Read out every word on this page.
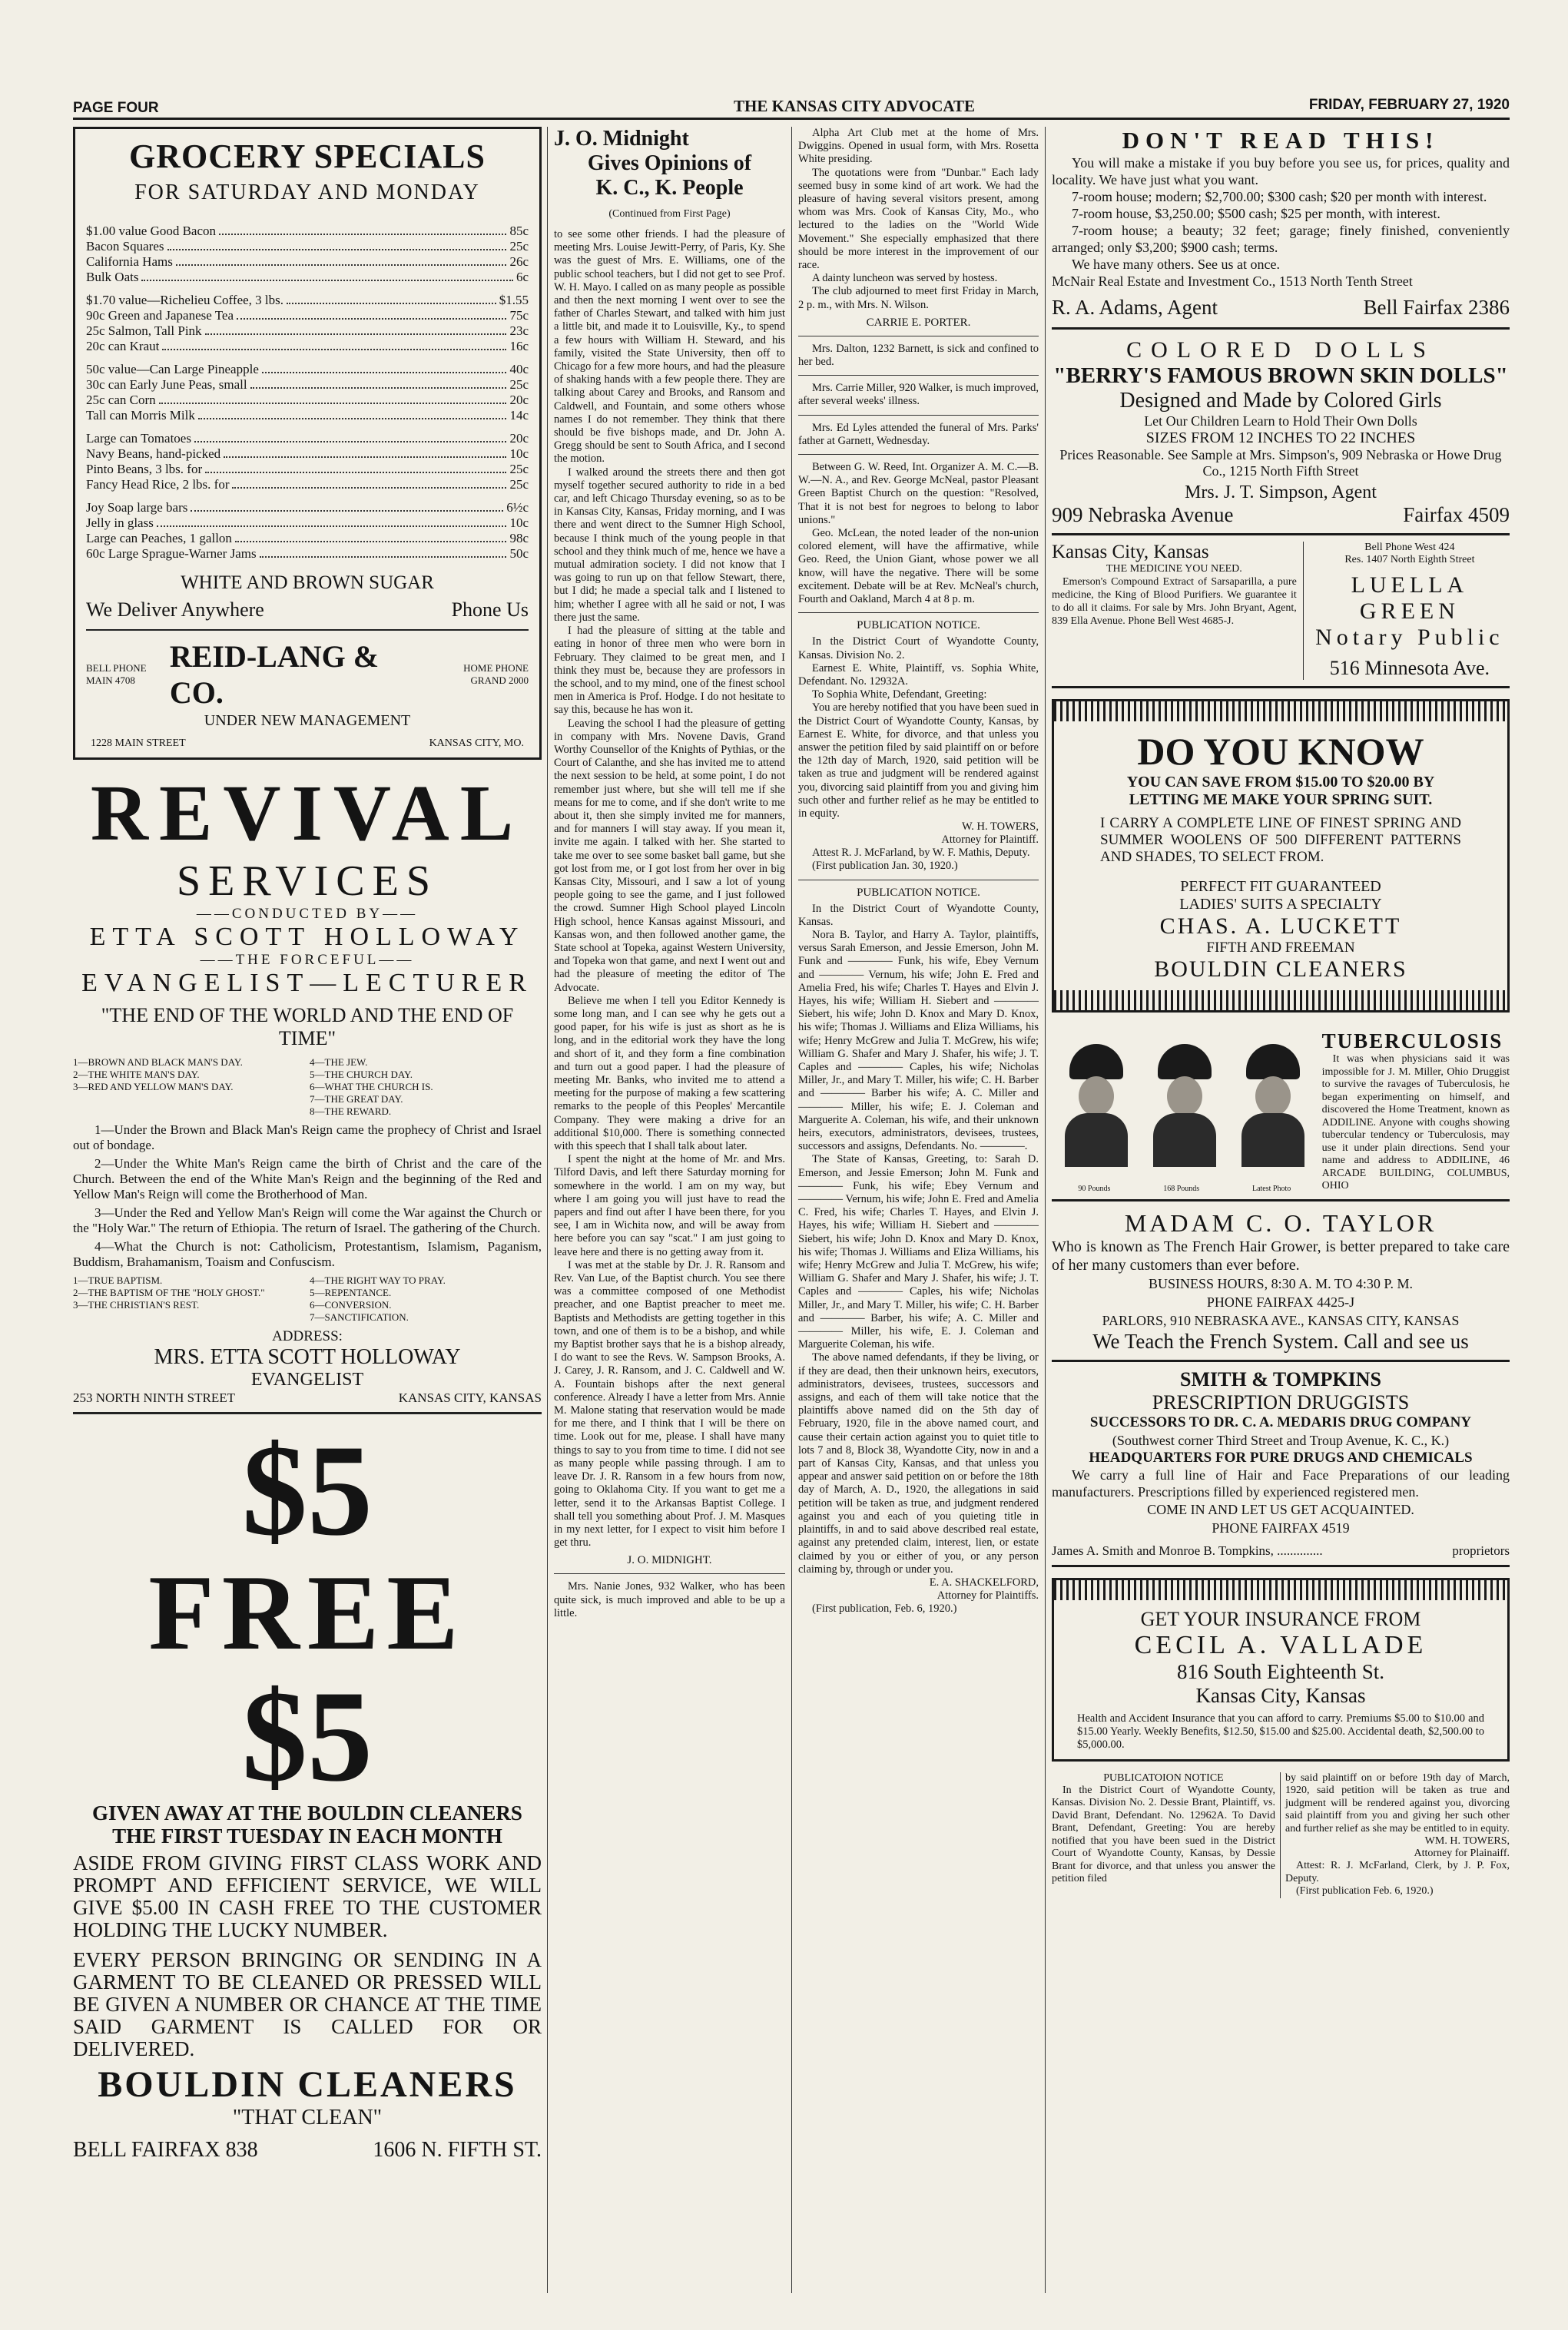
PAGE FOUR	THE KANSAS CITY ADVOCATE	FRIDAY, FEBRUARY 27, 1920
GROCERY SPECIALS
FOR SATURDAY AND MONDAY
$1.00 value Good Bacon	85c
Bacon Squares	25c
California Hams	26c
Bulk Oats	6c
$1.70 value—Richelieu Coffee, 3 lbs.	$1.55
90c Green and Japanese Tea	75c
25c Salmon, Tall Pink	23c
20c can Kraut	16c
50c value—Can Large Pineapple	40c
30c can Early June Peas, small	25c
25c can Corn	20c
Tall can Morris Milk	14c
Large can Tomatoes	20c
Navy Beans, hand-picked	10c
Pinto Beans, 3 lbs. for	25c
Fancy Head Rice, 2 lbs. for	25c
Joy Soap large bars	6½c
Jelly in glass	10c
Large can Peaches, 1 gallon	98c
60c Large Sprague-Warner Jams	50c
WHITE AND BROWN SUGAR
We Deliver Anywhere	Phone Us
BELL PHONE MAIN 4708
REID-LANG & CO.
HOME PHONE GRAND 2000
UNDER NEW MANAGEMENT
1228 MAIN STREET	KANSAS CITY, MO.
REVIVAL
SERVICES
——CONDUCTED BY——
ETTA SCOTT HOLLOWAY
——THE FORCEFUL——
EVANGELIST—LECTURER
"THE END OF THE WORLD AND THE END OF TIME"
1—BROWN AND BLACK MAN'S DAY.
2—THE WHITE MAN'S DAY.
3—RED AND YELLOW MAN'S DAY.
4—THE JEW.
5—THE CHURCH DAY.
6—WHAT THE CHURCH IS.
7—THE GREAT DAY.
8—THE REWARD.

1—Under the Brown and Black Man's Reign came the prophecy of Christ and Israel out of bondage.

2—Under the White Man's Reign came the birth of Christ and the care of the Church. Between the end of the White Man's Reign and the beginning of the Red and Yellow Man's Reign will come the Brotherhood of Man.

3—Under the Red and Yellow Man's Reign will come the War against the Church or the "Holy War." The return of Ethiopia. The return of Israel. The gathering of the Church.

4—What the Church is not: Catholicism, Protestantism, Islamism, Paganism, Buddism, Brahamanism, Toaism and Confuscism.

1—TRUE BAPTISM.
2—THE BAPTISM OF THE "HOLY GHOST."
3—THE CHRISTIAN'S REST.
4—THE RIGHT WAY TO PRAY.
5—REPENTANCE.
6—CONVERSION.
7—SANCTIFICATION.
ADDRESS:
MRS. ETTA SCOTT HOLLOWAY
EVANGELIST
253 NORTH NINTH STREET	KANSAS CITY, KANSAS
$5
FREE
$5
GIVEN AWAY AT THE BOULDIN CLEANERS THE FIRST TUESDAY IN EACH MONTH

ASIDE FROM GIVING FIRST CLASS WORK AND PROMPT AND EFFICIENT SERVICE, WE WILL GIVE $5.00 IN CASH FREE TO THE CUSTOMER HOLDING THE LUCKY NUMBER.

EVERY PERSON BRINGING OR SENDING IN A GARMENT TO BE CLEANED OR PRESSED WILL BE GIVEN A NUMBER OR CHANCE AT THE TIME SAID GARMENT IS CALLED FOR OR DELIVERED.

BOULDIN CLEANERS
"THAT CLEAN"
BELL FAIRFAX 838	1606 N. FIFTH ST.
J. O. Midnight
Gives Opinions of
K. C., K. People
(Continued from First Page)

to see some other friends. I had the pleasure of meeting Mrs. Louise Jewitt-Perry, of Paris, Ky. She was the guest of Mrs. E. Williams, one of the public school teachers, but I did not get to see Prof. W. H. Mayo. I called on as many people as possible and then the next morning I went over to see the father of Charles Stewart, and talked with him just a little bit, and made it to Louisville, Ky., to spend a few hours with William H. Steward, and his family, visited the State University, then off to Chicago for a few more hours, and had the pleasure of shaking hands with a few people there. They are talking about Carey and Brooks, and Ransom and Caldwell, and Fountain, and some others whose names I do not remember. They think that there should be five bishops made, and Dr. John A. Gregg should be sent to South Africa, and I second the motion.

I walked around the streets there and then got myself together secured authority to ride in a bed car, and left Chicago Thursday evening, so as to be in Kansas City, Kansas, Friday morning, and I was there and went direct to the Sumner High School, because I think much of the young people in that school and they think much of me, hence we have a mutual admiration society. I did not know that I was going to run up on that fellow Stewart, there, but I did; he made a special talk and I listened to him; whether I agree with all he said or not, I was there just the same.

I had the pleasure of sitting at the table and eating in honor of three men who were born in February. They claimed to be great men, and I think they must be, because they are professors in the school, and to my mind, one of the finest school men in America is Prof. Hodge. I do not hesitate to say this, because he has won it.

Leaving the school I had the pleasure of getting in company with Mrs. Novene Davis, Grand Worthy Counsellor of the Knights of Pythias, or the Court of Calanthe, and she has invited me to attend the next session to be held, at some point, I do not remember just where, but she will tell me if she means for me to come, and if she don't write to me about it, then she simply invited me for manners, and for manners I will stay away. If you mean it, invite me again. I talked with her. She started to take me over to see some basket ball game, but she got lost from me, or I got lost from her over in big Kansas City, Missouri, and I saw a lot of young people going to see the game, and I just followed the crowd. Sumner High School played Lincoln High school, hence Kansas against Missouri, and Kansas won, and then followed another game, the State school at Topeka, against Western University, and Topeka won that game, and next I went out and had the pleasure of meeting the editor of The Advocate.

Believe me when I tell you Editor Kennedy is some long man, and I can see why he gets out a good paper, for his wife is just as short as he is long, and in the editorial work they have the long and short of it, and they form a fine combination and turn out a good paper. I had the pleasure of meeting Mr. Banks, who invited me to attend a meeting for the purpose of making a few scattering remarks to the people of this Peoples' Mercantile Company. They were making a drive for an additional $10,000. There is something connected with this speech that I shall talk about later.

I spent the night at the home of Mr. and Mrs. Tilford Davis, and left there Saturday morning for somewhere in the world. I am on my way, but where I am going you will just have to read the papers and find out after I have been there, for you see, I am in Wichita now, and will be away from here before you can say "scat." I am just going to leave here and there is no getting away from it.

I was met at the stable by Dr. J. R. Ransom and Rev. Van Lue, of the Baptist church. You see there was a committee composed of one Methodist preacher, and one Baptist preacher to meet me. Baptists and Methodists are getting together in this town, and one of them is to be a bishop, and while my Baptist brother says that he is a bishop already, I do want to see the Revs. W. Sampson Brooks, A. J. Carey, J. R. Ransom, and J. C. Caldwell and W. A. Fountain bishops after the next general conference. Already I have a letter from Mrs. Annie M. Malone stating that reservation would be made for me there, and I think that I will be there on time. Look out for me, please. I shall have many things to say to you from time to time. I did not see as many people while passing through. I am to leave Dr. J. R. Ransom in a few hours from now, going to Oklahoma City. If you want to get me a letter, send it to the Arkansas Baptist College. I shall tell you something about Prof. J. M. Masques in my next letter, for I expect to visit him before I get thru.

J. O. MIDNIGHT.

Mrs. Nanie Jones, 932 Walker, who has been quite sick, is much improved and able to be up a little.

Alpha Art Club met at the home of Mrs. Dwiggins. Opened in usual form, with Mrs. Rosetta White presiding.

The quotations were from "Dunbar." Each lady seemed busy in some kind of art work. We had the pleasure of having several visitors present, among whom was Mrs. Cook of Kansas City, Mo., who lectured to the ladies on the "World Wide Movement." She especially emphasized that there should be more interest in the improvement of our race.

A dainty luncheon was served by hostess.

The club adjourned to meet first Friday in March, 2 p. m., with Mrs. N. Wilson.

CARRIE E. PORTER.

Mrs. Dalton, 1232 Barnett, is sick and confined to her bed.

Mrs. Carrie Miller, 920 Walker, is much improved, after several weeks' illness.

Mrs. Ed Lyles attended the funeral of Mrs. Parks' father at Garnett, Wednesday.

Between G. W. Reed, Int. Organizer A. M. C.—B. W.—N. A., and Rev. George McNeal, pastor Pleasant Green Baptist Church on the question: "Resolved, That it is not best for negroes to belong to labor unions."

Geo. McLean, the noted leader of the non-union colored element, will have the affirmative, while Geo. Reed, the Union Giant, whose power we all know, will have the negative. There will be some excitement. Debate will be at Rev. McNeal's church, Fourth and Oakland, March 4 at 8 p. m.

PUBLICATION NOTICE.

In the District Court of Wyandotte County, Kansas. Division No. 2.

Earnest E. White, Plaintiff, vs. Sophia White, Defendant. No. 12932A.

To Sophia White, Defendant, Greeting:

You are hereby notified that you have been sued in the District Court of Wyandotte County, Kansas, by Earnest E. White, for divorce, and that unless you answer the petition filed by said plaintiff on or before the 12th day of March, 1920, said petition will be taken as true and judgment will be rendered against you, divorcing said plaintiff from you and giving him such other and further relief as he may be entitled to in equity.

W. H. TOWERS,
Attorney for Plaintiff.

Attest R. J. McFarland, by W. F. Mathis, Deputy.

(First publication Jan. 30, 1920.)

PUBLICATION NOTICE.

In the District Court of Wyandotte County, Kansas.

Nora B. Taylor, and Harry A. Taylor, plaintiffs, versus Sarah Emerson, and Jessie Emerson, John M. Funk and ———— Funk, his wife, Ebey Vernum and ———— Vernum, his wife; John E. Fred and Amelia Fred, his wife; Charles T. Hayes and Elvin J. Hayes, his wife; William H. Siebert and ———— Siebert, his wife; John D. Knox and Mary D. Knox, his wife; Thomas J. Williams and Eliza Williams, his wife; Henry McGrew and Julia T. McGrew, his wife; William G. Shafer and Mary J. Shafer, his wife; J. T. Caples and ———— Caples, his wife; Nicholas Miller, Jr., and Mary T. Miller, his wife; C. H. Barber and ———— Barber his wife; A. C. Miller and ———— Miller, his wife; E. J. Coleman and Marguerite A. Coleman, his wife, and their unknown heirs, executors, administrators, devisees, trustees, successors and assigns, Defendants. No. ————.

The State of Kansas, Greeting, to: Sarah D. Emerson, and Jessie Emerson; John M. Funk and ———— Funk, his wife; Ebey Vernum and ———— Vernum, his wife; John E. Fred and Amelia C. Fred, his wife; Charles T. Hayes, and Elvin J. Hayes, his wife; William H. Siebert and ———— Siebert, his wife; John D. Knox and Mary D. Knox, his wife; Thomas J. Williams and Eliza Williams, his wife; Henry McGrew and Julia T. McGrew, his wife; William G. Shafer and Mary J. Shafer, his wife; J. T. Caples and ———— Caples, his wife; Nicholas Miller, Jr., and Mary T. Miller, his wife; C. H. Barber and ———— Barber, his wife; A. C. Miller and ———— Miller, his wife, E. J. Coleman and Marguerite Coleman, his wife.

The above named defendants, if they be living, or if they are dead, then their unknown heirs, executors, administrators, devisees, trustees, successors and assigns, and each of them will take notice that the plaintiffs above named did on the 5th day of February, 1920, file in the above named court, and cause their certain action against you to quiet title to lots 7 and 8, Block 38, Wyandotte City, now in and a part of Kansas City, Kansas, and that unless you appear and answer said petition on or before the 18th day of March, A. D., 1920, the allegations in said petition will be taken as true, and judgment rendered against you and each of you quieting title in plaintiffs, in and to said above described real estate, against any pretended claim, interest, lien, or estate claimed by you or either of you, or any person claiming by, through or under you.

E. A. SHACKELFORD,
Attorney for Plaintiffs.

(First publication, Feb. 6, 1920.)

DON'T READ THIS!

You will make a mistake if you buy before you see us, for prices, quality and locality. We have just what you want.

7-room house; modern; $2,700.00; $300 cash; $20 per month with interest.

7-room house, $3,250.00; $500 cash; $25 per month, with interest.

7-room house; a beauty; 32 feet; garage; finely finished, conveniently arranged; only $3,200; $900 cash; terms.

We have many others. See us at once.

McNair Real Estate and Investment Co., 1513 North Tenth Street

R. A. Adams, Agent	Bell Fairfax 2386
COLORED DOLLS
"BERRY'S FAMOUS BROWN SKIN DOLLS"
Designed and Made by Colored Girls
Let Our Children Learn to Hold Their Own Dolls
SIZES FROM 12 INCHES TO 22 INCHES

Prices Reasonable. See Sample at Mrs. Simpson's, 909 Nebraska or Howe Drug Co., 1215 North Fifth Street

Mrs. J. T. Simpson, Agent
909 Nebraska Avenue	Fairfax 4509
Kansas City, Kansas
THE MEDICINE YOU NEED.

Emerson's Compound Extract of Sarsaparilla, a pure medicine, the King of Blood Purifiers. We guarantee it to do all it claims. For sale by Mrs. John Bryant, Agent, 839 Ella Avenue. Phone Bell West 4685-J.

Bell Phone West 424
Res. 1407 North Eighth Street
LUELLA GREEN
Notary Public
516 Minnesota Ave.
DO YOU KNOW
YOU CAN SAVE FROM $15.00 TO $20.00 BY LETTING ME MAKE YOUR SPRING SUIT.

I CARRY A COMPLETE LINE OF FINEST SPRING AND SUMMER WOOLENS OF 500 DIFFERENT PATTERNS AND SHADES, TO SELECT FROM.

PERFECT FIT GUARANTEED
LADIES' SUITS A SPECIALTY
CHAS. A. LUCKETT
FIFTH AND FREEMAN
BOULDIN CLEANERS
90 Pounds	168 Pounds	Latest Photo
TUBERCULOSIS

It was when physicians said it was impossible for J. M. Miller, Ohio Druggist to survive the ravages of Tuberculosis, he began experimenting on himself, and discovered the Home Treatment, known as ADDILINE. Anyone with coughs showing tubercular tendency or Tuberculosis, may use it under plain directions. Send your name and address to ADDILINE, 46 ARCADE BUILDING, COLUMBUS, OHIO

MADAM C. O. TAYLOR

Who is known as The French Hair Grower, is better prepared to take care of her many customers than ever before.

BUSINESS HOURS, 8:30 A. M. TO 4:30 P. M.
PHONE FAIRFAX 4425-J
PARLORS, 910 NEBRASKA AVE., KANSAS CITY, KANSAS
We Teach the French System. Call and see us
SMITH & TOMPKINS
PRESCRIPTION DRUGGISTS
SUCCESSORS TO DR. C. A. MEDARIS DRUG COMPANY
(Southwest corner Third Street and Troup Avenue, K. C., K.)
HEADQUARTERS FOR PURE DRUGS AND CHEMICALS

We carry a full line of Hair and Face Preparations of our leading manufacturers. Prescriptions filled by experienced registered men.

COME IN AND LET US GET ACQUAINTED.
PHONE FAIRFAX 4519
James A. Smith and Monroe B. Tompkins, ..............	proprietors
GET YOUR INSURANCE FROM
CECIL A. VALLADE
816 South Eighteenth St.
Kansas City, Kansas

Health and Accident Insurance that you can afford to carry. Premiums $5.00 to $10.00 and $15.00 Yearly. Weekly Benefits, $12.50, $15.00 and $25.00. Accidental death, $2,500.00 to $5,000.00.

PUBLICATOION NOTICE

In the District Court of Wyandotte County, Kansas. Division No. 2. Dessie Brant, Plaintiff, vs. David Brant, Defendant. No. 12962A. To David Brant, Defendant, Greeting: You are hereby notified that you have been sued in the District Court of Wyandotte County, Kansas, by Dessie Brant for divorce, and that unless you answer the petition filed

by said plaintiff on or before 19th day of March, 1920, said petition will be taken as true and judgment will be rendered against you, divorcing said plaintiff from you and giving her such other and further relief as she may be entitled to in equity.

WM. H. TOWERS,
Attorney for Plainaiff.

Attest: R. J. McFarland, Clerk, by J. P. Fox, Deputy.

(First publication Feb. 6, 1920.)
